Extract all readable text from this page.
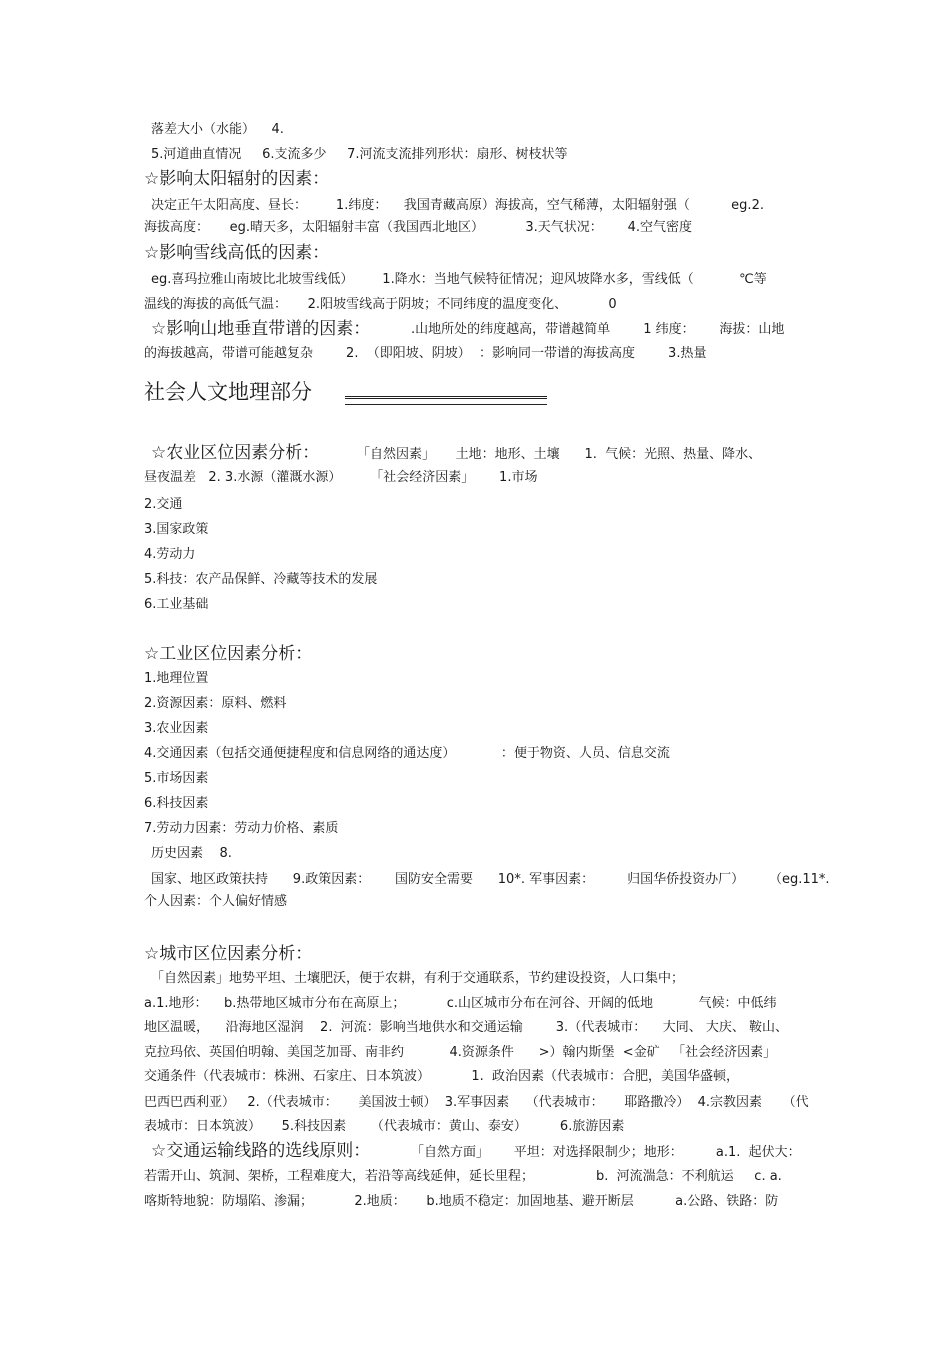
落差大小（水能）    4.
5.河道曲直情况     6.支流多少     7.河流支流排列形状：扇形、树枝状等
☆影响太阳辐射的因素：
决定正午太阳高度、昼长：       1.纬度：    我国青藏高原）海拔高，空气稀薄，太阳辐射强（          eg.2.
海拔高度：     eg.晴天多，太阳辐射丰富（我国西北地区）          3.天气状况：      4.空气密度
☆影响雪线高低的因素：
eg.喜玛拉雅山南坡比北坡雪线低）       1.降水：当地气候特征情况；迎风坡降水多，雪线低（           ℃等
温线的海拔的高低气温：     2.阳坡雪线高于阴坡；不同纬度的温度变化、          0
☆影响山地垂直带谱的因素：	.山地所处的纬度越高，带谱越简单        1 纬度：      海拔：山地
的海拔越高，带谱可能越复杂        2.  （即阳坡、阴坡）  ：影响同一带谱的海拔高度        3.热量
社会人文地理部分
☆农业区位因素分析：	「自然因素」     土地：地形、土壤      1.  气候：光照、热量、降水、
昼夜温差   2. 3.水源（灌溉水源）       「社会经济因素」      1.市场
2.交通
3.国家政策
4.劳动力
5.科技：农产品保鲜、冷藏等技术的发展
6.工业基础
☆工业区位因素分析：
1.地理位置
2.资源因素：原料、燃料
3.农业因素
4.交通因素（包括交通便捷程度和信息网络的通达度）           ：便于物资、人员、信息交流
5.市场因素
6.科技因素
7.劳动力因素：劳动力价格、素质
历史因素    8.
国家、地区政策扶持      9.政策因素：      国防安全需要      10*. 军事因素：        归国华侨投资办厂）      （eg.11*.
个人因素：个人偏好情感
☆城市区位因素分析：
「自然因素」地势平坦、土壤肥沃，便于农耕，有利于交通联系，节约建设投资，人口集中；
a.1.地形：    b.热带地区城市分布在高原上；          c.山区城市分布在河谷、开阔的低地           气候：中低纬
地区温暖，    沿海地区湿润    2.  河流：影响当地供水和交通运输        3.（代表城市：    大同、 大庆、 鞍山、
克拉玛依、英国伯明翰、美国芝加哥、南非约           4.资源条件      >）翰内斯堡  <金矿   「社会经济因素」
交通条件（代表城市：株洲、石家庄、日本筑波）          1.  政治因素（代表城市：合肥，美国华盛顿，
巴西巴西利亚）   2.（代表城市：     美国波士顿）  3.军事因素    （代表城市：     耶路撒冷）  4.宗教因素     （代
表城市：日本筑波）     5.科技因素      （代表城市：黄山、泰安）        6.旅游因素
☆交通运输线路的选线原则：	「自然方面」      平坦：对选择限制少；地形：        a.1.  起伏大：
若需开山、筑洞、架桥，工程难度大，若沿等高线延伸，延长里程；               b.  河流湍急：不利航运     c. a.
喀斯特地貌：防塌陷、渗漏；          2.地质：     b.地质不稳定：加固地基、避开断层          a.公路、铁路：防
